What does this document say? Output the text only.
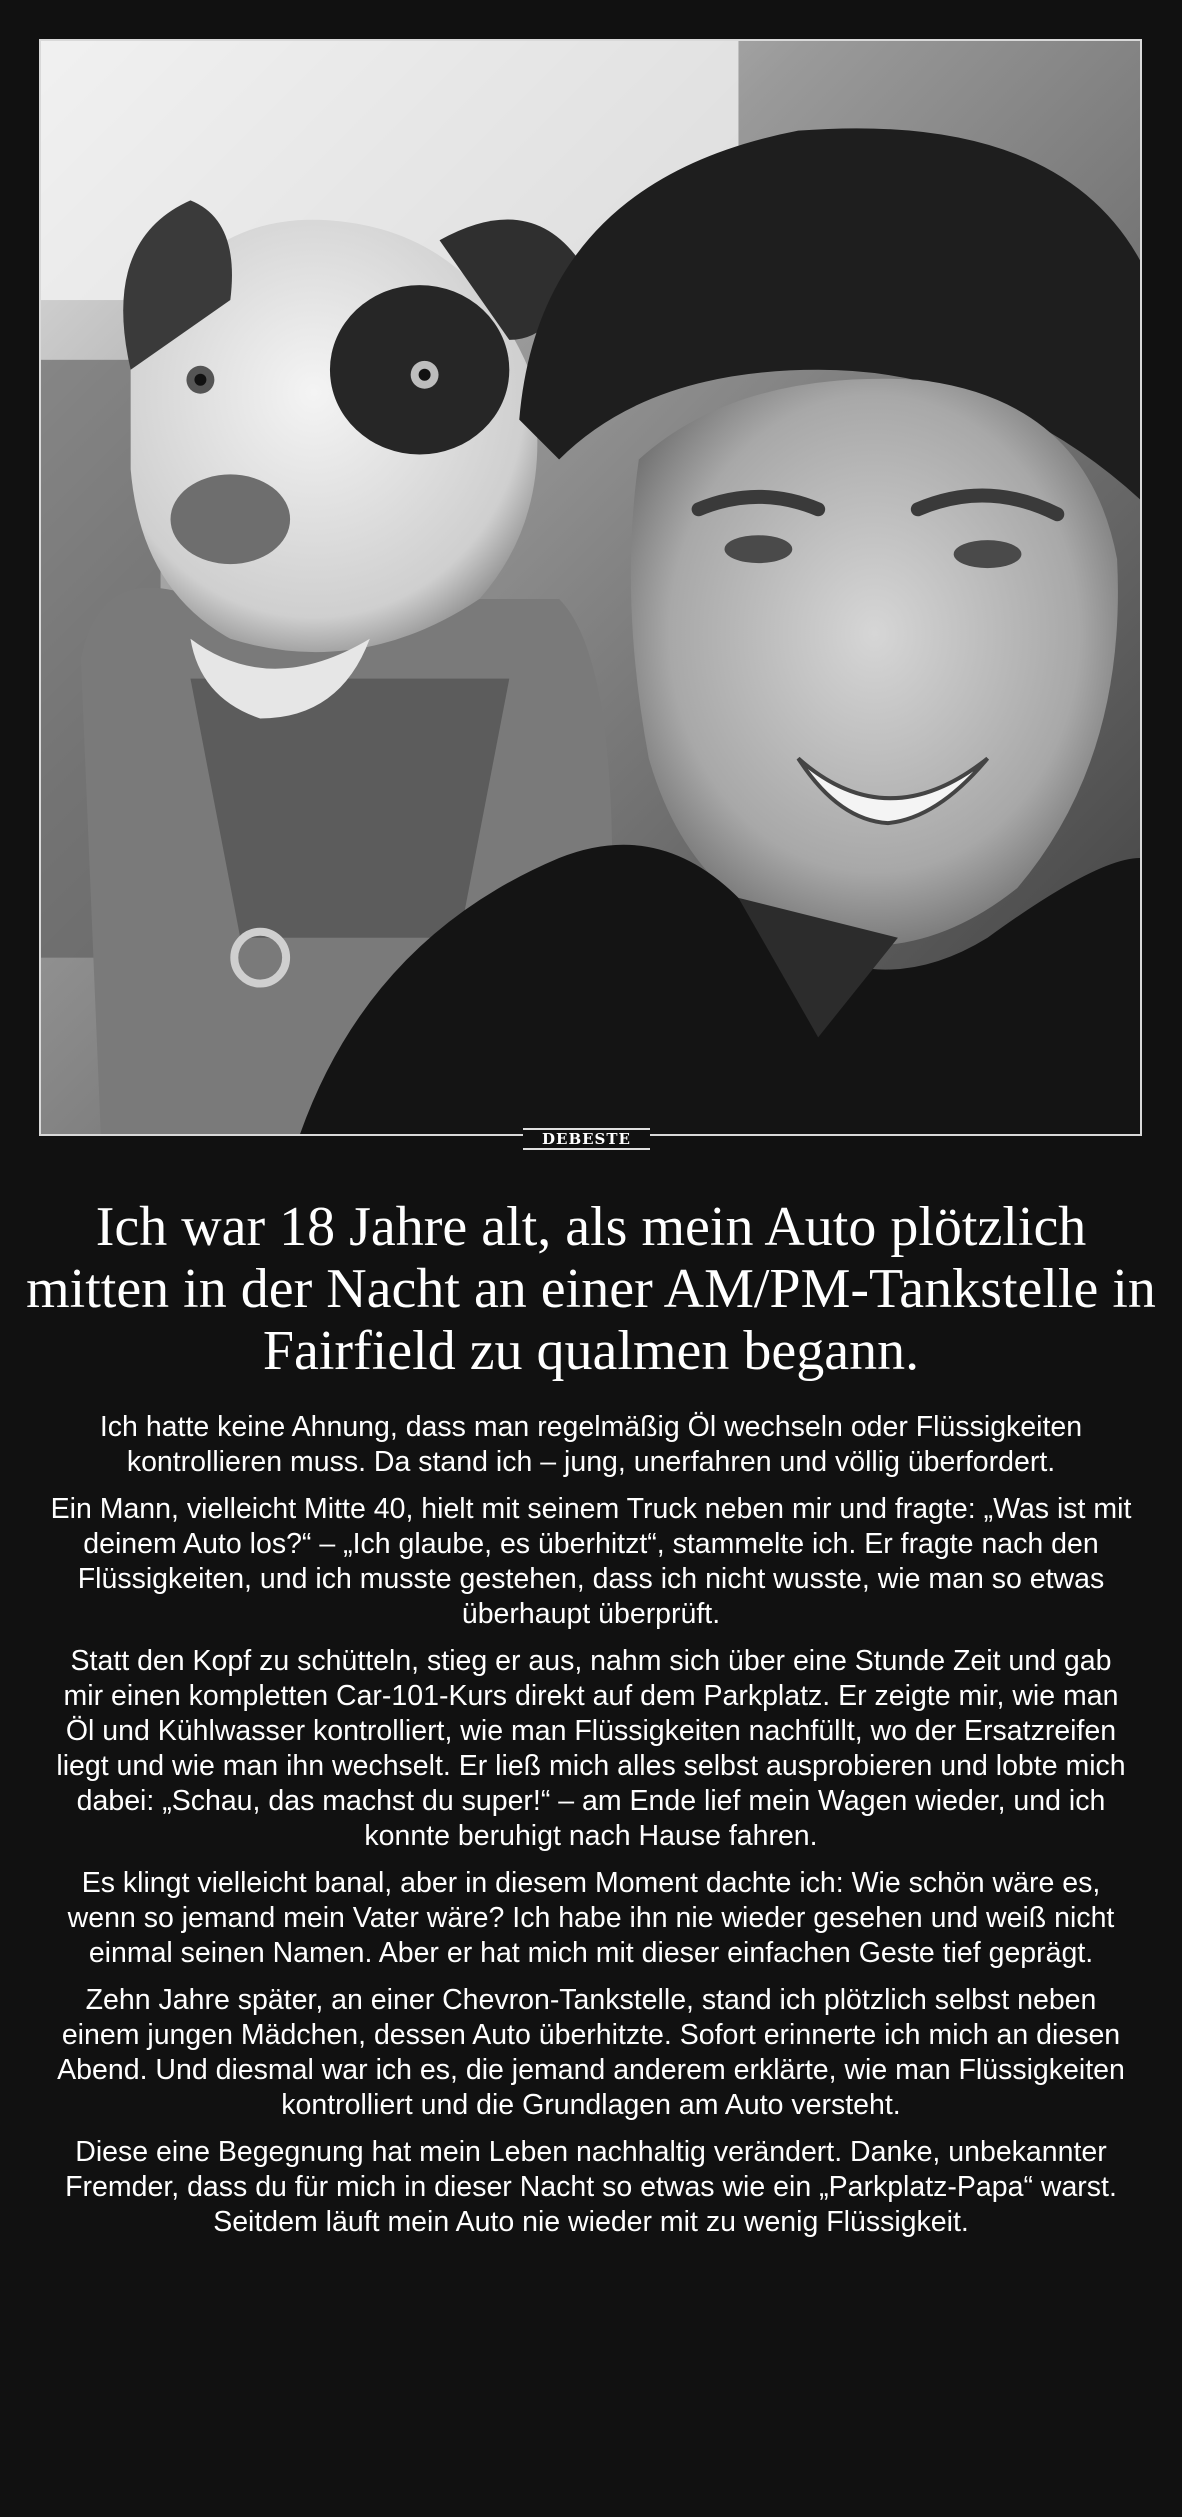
DEBESTE
Ich war 18 Jahre alt, als mein Auto plötzlich mitten in der Nacht an einer AM/PM-Tankstelle in Fairfield zu qualmen begann.

Ich hatte keine Ahnung, dass man regelmäßig Öl wechseln oder Flüssigkeiten kontrollieren muss. Da stand ich – jung, unerfahren und völlig überfordert.

Ein Mann, vielleicht Mitte 40, hielt mit seinem Truck neben mir und fragte: „Was ist mit deinem Auto los?“ – „Ich glaube, es überhitzt“, stammelte ich. Er fragte nach den Flüssigkeiten, und ich musste gestehen, dass ich nicht wusste, wie man so etwas überhaupt überprüft.

Statt den Kopf zu schütteln, stieg er aus, nahm sich über eine Stunde Zeit und gab mir einen kompletten Car-101-Kurs direkt auf dem Parkplatz. Er zeigte mir, wie man Öl und Kühlwasser kontrolliert, wie man Flüssigkeiten nachfüllt, wo der Ersatzreifen liegt und wie man ihn wechselt. Er ließ mich alles selbst ausprobieren und lobte mich dabei: „Schau, das machst du super!“ – am Ende lief mein Wagen wieder, und ich konnte beruhigt nach Hause fahren.

Es klingt vielleicht banal, aber in diesem Moment dachte ich: Wie schön wäre es, wenn so jemand mein Vater wäre? Ich habe ihn nie wieder gesehen und weiß nicht einmal seinen Namen. Aber er hat mich mit dieser einfachen Geste tief geprägt.

Zehn Jahre später, an einer Chevron-Tankstelle, stand ich plötzlich selbst neben einem jungen Mädchen, dessen Auto überhitzte. Sofort erinnerte ich mich an diesen Abend. Und diesmal war ich es, die jemand anderem erklärte, wie man Flüssigkeiten kontrolliert und die Grundlagen am Auto versteht.

Diese eine Begegnung hat mein Leben nachhaltig verändert. Danke, unbekannter Fremder, dass du für mich in dieser Nacht so etwas wie ein „Parkplatz-Papa“ warst. Seitdem läuft mein Auto nie wieder mit zu wenig Flüssigkeit.
